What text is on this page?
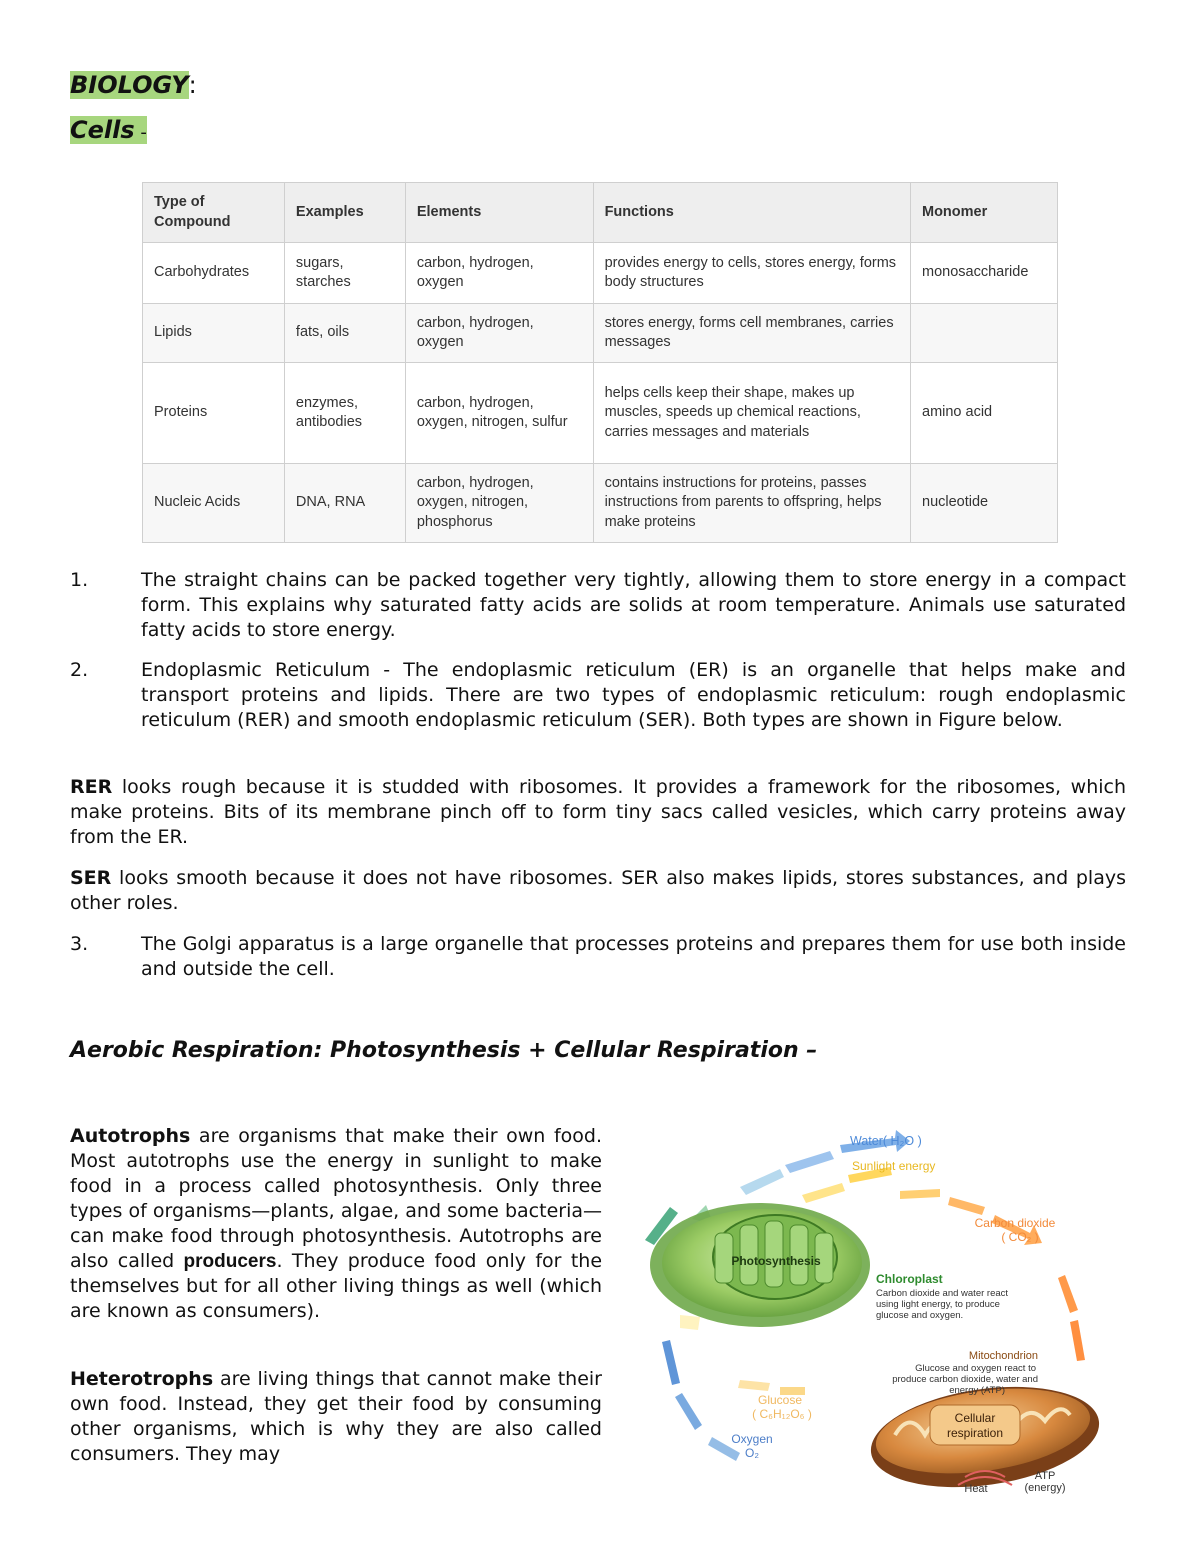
BIOLOGY:
Cells -
Type of Compound	Examples	Elements	Functions	Monomer
Carbohydrates	sugars, starches	carbon, hydrogen, oxygen	provides energy to cells, stores energy, forms body structures	monosaccharide
Lipids	fats, oils	carbon, hydrogen, oxygen	stores energy, forms cell membranes, carries messages	
Proteins	enzymes, antibodies	carbon, hydrogen, oxygen, nitrogen, sulfur	helps cells keep their shape, makes up muscles, speeds up chemical reactions, carries messages and materials	amino acid
Nucleic Acids	DNA, RNA	carbon, hydrogen, oxygen, nitrogen, phosphorus	contains instructions for proteins, passes instructions from parents to offspring, helps make proteins	nucleotide
1.	The straight chains can be packed together very tightly, allowing them to store energy in a compact form. This explains why saturated fatty acids are solids at room temperature. Animals use saturated fatty acids to store energy.
2.	Endoplasmic Reticulum - The endoplasmic reticulum (ER) is an organelle that helps make and transport proteins and lipids. There are two types of endoplasmic reticulum: rough endoplasmic reticulum (RER) and smooth endoplasmic reticulum (SER). Both types are shown in Figure below.

RER looks rough because it is studded with ribosomes. It provides a framework for the ribosomes, which make proteins. Bits of its membrane pinch off to form tiny sacs called vesicles, which carry proteins away from the ER.

SER looks smooth because it does not have ribosomes. SER also makes lipids, stores substances, and plays other roles.

3.	The Golgi apparatus is a large organelle that processes proteins and prepares them for use both inside and outside the cell.
Aerobic Respiration: Photosynthesis + Cellular Respiration –

Autotrophs are organisms that make their own food. Most autotrophs use the energy in sunlight to make food in a process called photosynthesis. Only three types of organisms—plants, algae, and some bacteria—can make food through photosynthesis. Autotrophs are also called producers. They produce food only for the themselves but for all other living things as well (which are known as consumers).

Heterotrophs are living things that cannot make their own food. Instead, they get their food by consuming other organisms, which is why they are also called consumers. They may

Photosynthesis
Cellular
respiration
Water( H₂O )
Sunlight energy
Carbon dioxide
( CO₂ )
Chloroplast
Carbon dioxide and water react
using light energy, to produce
glucose and oxygen.
Mitochondrion
Glucose and oxygen react to
produce carbon dioxide, water and
energy (ATP)
Glucose
( C₆H₁₂O₆ )
Oxygen
O₂
ATP
(energy)
Heat
